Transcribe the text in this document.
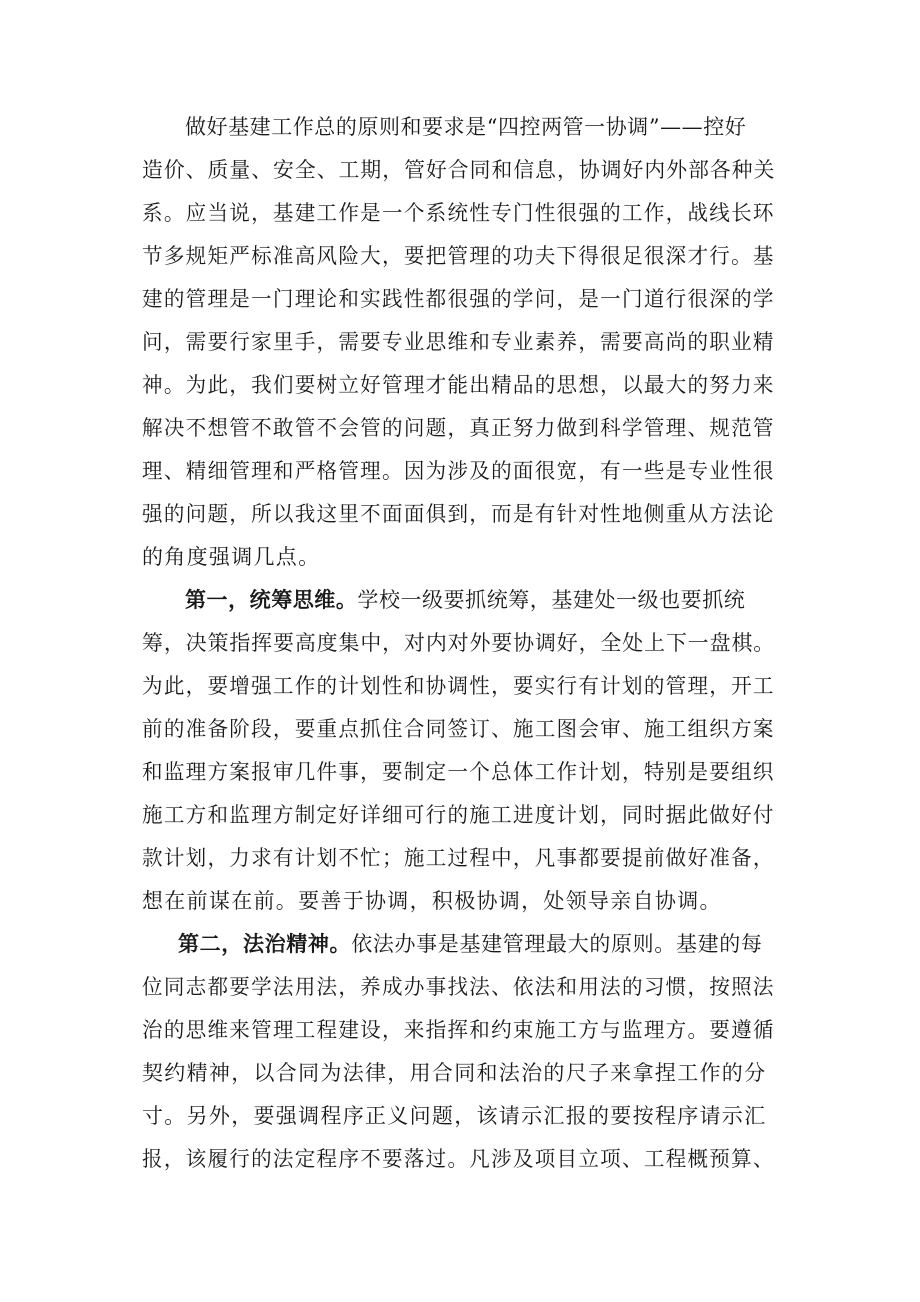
做好基建工作总的原则和要求是“四控两管一协调”——控好
造价、质量、安全、工期，管好合同和信息，协调好内外部各种关
系。应当说，基建工作是一个系统性专门性很强的工作，战线长环
节多规矩严标准高风险大，要把管理的功夫下得很足很深才行。基
建的管理是一门理论和实践性都很强的学问，是一门道行很深的学
问，需要行家里手，需要专业思维和专业素养，需要高尚的职业精
神。为此，我们要树立好管理才能出精品的思想，以最大的努力来
解决不想管不敢管不会管的问题，真正努力做到科学管理、规范管
理、精细管理和严格管理。因为涉及的面很宽，有一些是专业性很
强的问题，所以我这里不面面俱到，而是有针对性地侧重从方法论
的角度强调几点。
第一，统筹思维。学校一级要抓统筹，基建处一级也要抓统
筹，决策指挥要高度集中，对内对外要协调好，全处上下一盘棋。
为此，要增强工作的计划性和协调性，要实行有计划的管理，开工
前的准备阶段，要重点抓住合同签订、施工图会审、施工组织方案
和监理方案报审几件事，要制定一个总体工作计划，特别是要组织
施工方和监理方制定好详细可行的施工进度计划，同时据此做好付
款计划，力求有计划不忙；施工过程中，凡事都要提前做好准备，
想在前谋在前。要善于协调，积极协调，处领导亲自协调。
第二，法治精神。依法办事是基建管理最大的原则。基建的每
位同志都要学法用法，养成办事找法、依法和用法的习惯，按照法
治的思维来管理工程建设，来指挥和约束施工方与监理方。要遵循
契约精神，以合同为法律，用合同和法治的尺子来拿捏工作的分
寸。另外，要强调程序正义问题，该请示汇报的要按程序请示汇
报，该履行的法定程序不要落过。凡涉及项目立项、工程概预算、
